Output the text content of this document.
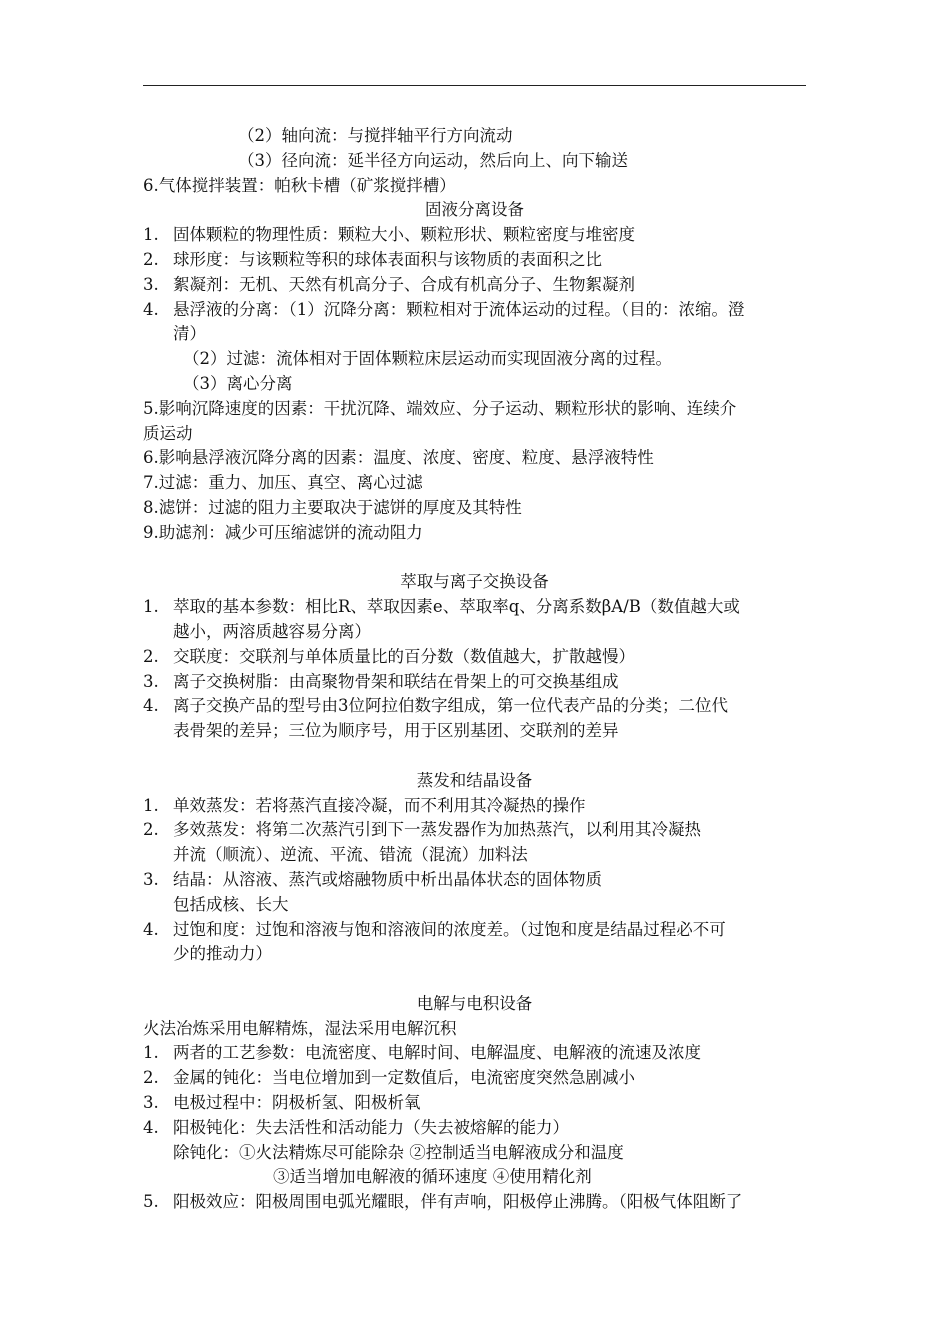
（2）轴向流：与搅拌轴平行方向流动
（3）径向流：延半径方向运动，然后向上、向下输送
6.气体搅拌装置：帕秋卡槽（矿浆搅拌槽）
固液分离设备
1. 固体颗粒的物理性质：颗粒大小、颗粒形状、颗粒密度与堆密度
2. 球形度：与该颗粒等积的球体表面积与该物质的表面积之比
3. 絮凝剂：无机、天然有机高分子、合成有机高分子、生物絮凝剂
4. 悬浮液的分离：（1）沉降分离：颗粒相对于流体运动的过程。（目的：浓缩。澄
清）
（2）过滤：流体相对于固体颗粒床层运动而实现固液分离的过程。
（3）离心分离
5.影响沉降速度的因素：干扰沉降、端效应、分子运动、颗粒形状的影响、连续介
质运动
6.影响悬浮液沉降分离的因素：温度、浓度、密度、粒度、悬浮液特性
7.过滤：重力、加压、真空、离心过滤
8.滤饼：过滤的阻力主要取决于滤饼的厚度及其特性
9.助滤剂：减少可压缩滤饼的流动阻力
萃取与离子交换设备
1. 萃取的基本参数：相比R、萃取因素e、萃取率q、分离系数βA/B（数值越大或
越小，两溶质越容易分离）
2. 交联度：交联剂与单体质量比的百分数（数值越大，扩散越慢）
3. 离子交换树脂：由高聚物骨架和联结在骨架上的可交换基组成
4. 离子交换产品的型号由3位阿拉伯数字组成，第一位代表产品的分类；二位代
表骨架的差异；三位为顺序号，用于区别基团、交联剂的差异
蒸发和结晶设备
1. 单效蒸发：若将蒸汽直接冷凝，而不利用其冷凝热的操作
2. 多效蒸发：将第二次蒸汽引到下一蒸发器作为加热蒸汽，以利用其冷凝热
并流（顺流）、逆流、平流、错流（混流）加料法
3. 结晶：从溶液、蒸汽或熔融物质中析出晶体状态的固体物质
包括成核、长大
4. 过饱和度：过饱和溶液与饱和溶液间的浓度差。（过饱和度是结晶过程必不可
少的推动力）
电解与电积设备
火法冶炼采用电解精炼，湿法采用电解沉积
1. 两者的工艺参数：电流密度、电解时间、电解温度、电解液的流速及浓度
2. 金属的钝化：当电位增加到一定数值后，电流密度突然急剧减小
3. 电极过程中：阴极析氢、阳极析氧
4. 阳极钝化：失去活性和活动能力（失去被熔解的能力）
除钝化：①火法精炼尽可能除杂 ②控制适当电解液成分和温度
③适当增加电解液的循环速度 ④使用精化剂
5. 阳极效应：阳极周围电弧光耀眼，伴有声响，阳极停止沸腾。（阳极气体阻断了
